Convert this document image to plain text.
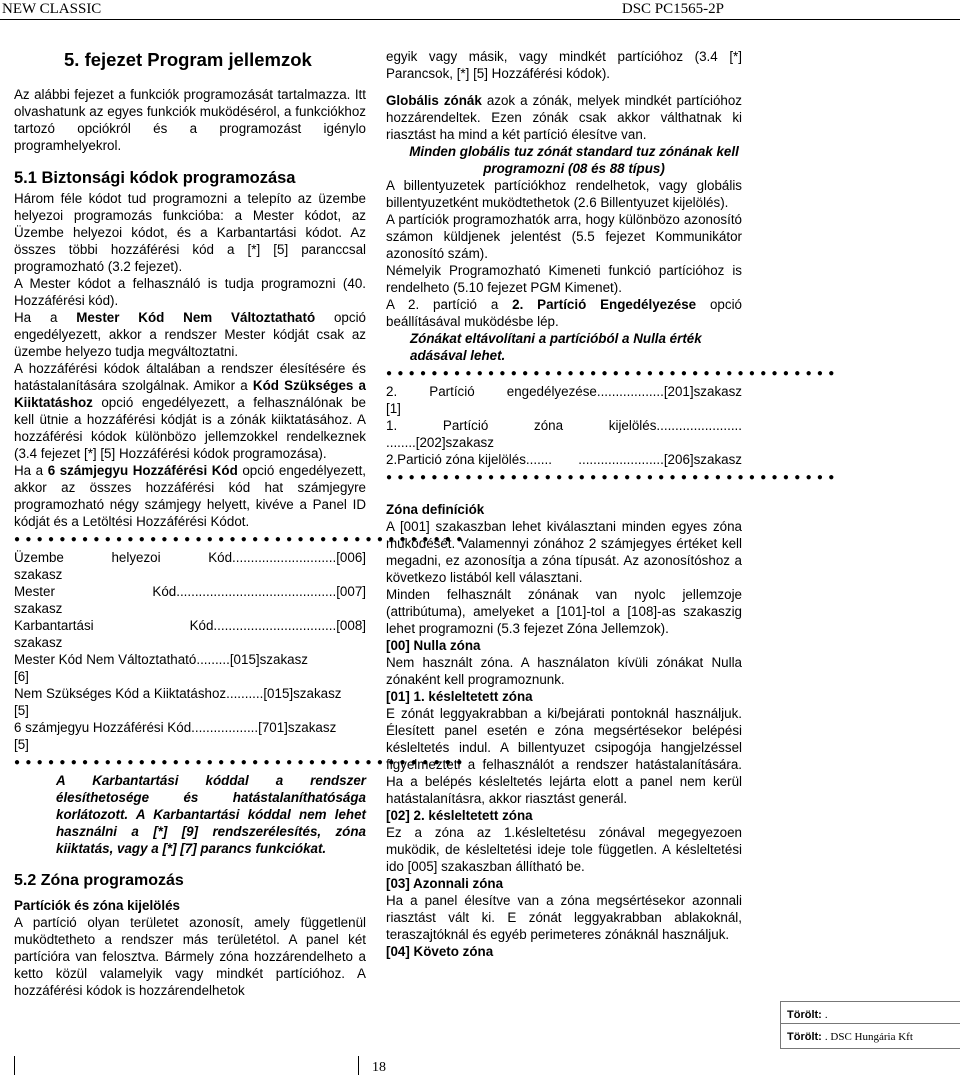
NEW CLASSIC	DSC PC1565-2P
5. fejezet Program jellemzok

Az alábbi fejezet a funkciók programozását tartalmazza. Itt olvashatunk az egyes funkciók muködésérol, a funkciókhoz tartozó opciókról és a programozást igénylo programhelyekrol.

5.1 Biztonsági kódok programozása

Három féle kódot tud programozni a telepíto az üzembe helyezoi programozás funkcióba: a Mester kódot, az Üzembe helyezoi kódot, és a Karbantartási kódot. Az összes többi hozzáférési kód a [*] [5] paranccsal programozható (3.2 fejezet).

A Mester kódot a felhasználó is tudja programozni (40. Hozzáférési kód).

Ha a Mester Kód Nem Változtatható opció engedélyezett, akkor a rendszer Mester kódját csak az üzembe helyezo tudja megváltoztatni.

A hozzáférési kódok általában a rendszer élesítésére és hatástalanítására szolgálnak. Amikor a Kód Szükséges a Kiiktatáshoz opció engedélyezett, a felhasználónak be kell ütnie a hozzáférési kódját is a zónák kiiktatásához. A hozzáférési kódok különbözo jellemzokkel rendelkeznek (3.4 fejezet [*] [5] Hozzáférési kódok programozása).

Ha a 6 számjegyu Hozzáférési Kód opció engedélyezett, akkor az összes hozzáférési kód hat számjegyre programozható négy számjegy helyett, kivéve a Panel ID kódját és a Letöltési Hozzáférési Kódot.

●●●●●●●●●●●●●●●●●●●●●●●●●●●●●●●●●●●●●●●●
Üzembe	helyezoi	Kód............................[006]
szakasz
Mester	Kód...........................................[007]
szakasz
Karbantartási	Kód.................................[008]
szakasz
Mester Kód Nem Változtatható.........[015]szakasz
[6]
Nem Szükséges Kód a Kiiktatáshoz..........[015]szakasz
[5]
6 számjegyu Hozzáférési Kód..................[701]szakasz
[5]
●●●●●●●●●●●●●●●●●●●●●●●●●●●●●●●●●●●●●●●●

A Karbantartási kóddal a rendszer élesíthetosége és hatástalaníthatósága korlátozott. A Karbantartási kóddal nem lehet használni a [*] [9] rendszerélesítés, zóna kiiktatás, vagy a [*] [7] parancs funkciókat.

5.2 Zóna programozás
Partíciók és zóna kijelölés

A partíció olyan területet azonosít, amely függetlenül muködtetheto a rendszer más területétol. A panel két partícióra van felosztva. Bármely zóna hozzárendelheto a ketto közül valamelyik vagy mindkét partícióhoz. A hozzáférési kódok is hozzárendelhetok

egyik vagy másik, vagy mindkét partícióhoz (3.4 [*] Parancsok, [*] [5] Hozzáférési kódok).

Globális zónák azok a zónák, melyek mindkét partícióhoz hozzárendeltek. Ezen zónák csak akkor válthatnak ki riasztást ha mind a két partíció élesítve van.

Minden globális tuz zónát standard tuz zónának kell programozni (08 és 88 típus)

A billentyuzetek partíciókhoz rendelhetok, vagy globális billentyuzetként muködtethetok (2.6 Billentyuzet kijelölés).

A partíciók programozhatók arra, hogy különbözo azonosító számon küldjenek jelentést (5.5 fejezet Kommunikátor azonosító szám).

Némelyik Programozható Kimeneti funkció partícióhoz is rendelheto (5.10 fejezet PGM Kimenet).

A 2. partíció a 2. Partíció Engedélyezése opció beállításával muködésbe lép.

Zónákat eltávolítani a partícióból a Nulla érték adásával lehet.

●●●●●●●●●●●●●●●●●●●●●●●●●●●●●●●●●●●●●●●●
2. Partíció engedélyezése..................[201]szakasz
[1]
1.	Partíció	zóna	kijelölés.......................
........[202]szakasz
2.Partició zóna kijelölés....... .......................[206]szakasz
●●●●●●●●●●●●●●●●●●●●●●●●●●●●●●●●●●●●●●●●
Zóna definíciók

A [001] szakaszban lehet kiválasztani minden egyes zóna muködését. Valamennyi zónához 2 számjegyes értéket kell megadni, ez azonosítja a zóna típusát. Az azonosítóshoz a következo listából kell választani.

Minden felhasznált zónának van nyolc jellemzoje (attribútuma), amelyeket a [101]-tol a [108]-as szakaszig lehet programozni (5.3 fejezet Zóna Jellemzok).

[00] Nulla zóna

Nem használt zóna. A használaton kívüli zónákat Nulla zónaként kell programoznunk.

[01] 1. késleltetett zóna

E zónát leggyakrabban a ki/bejárati pontoknál használjuk. Élesített panel esetén e zóna megsértésekor belépési késleltetés indul. A billentyuzet csipogója hangjelzéssel figyelmezteti a felhasználót a rendszer hatástalanítására. Ha a belépés késleltetés lejárta elott a panel nem kerül hatástalanításra, akkor riasztást generál.

[02] 2. késleltetett zóna

Ez a zóna az 1.késleltetésu zónával megegyezoen muködik, de késleltetési ideje tole független. A késleltetési ido [005] szakaszban állítható be.

[03] Azonnali zóna

Ha a panel élesítve van a zóna megsértésekor azonnali riasztást vált ki. E zónát leggyakrabban ablakoknál, teraszajtóknál és egyéb perimeteres zónáknál használjuk.

[04] Követo zóna
Törölt: .
Törölt: . DSC Hungária Kft
18
